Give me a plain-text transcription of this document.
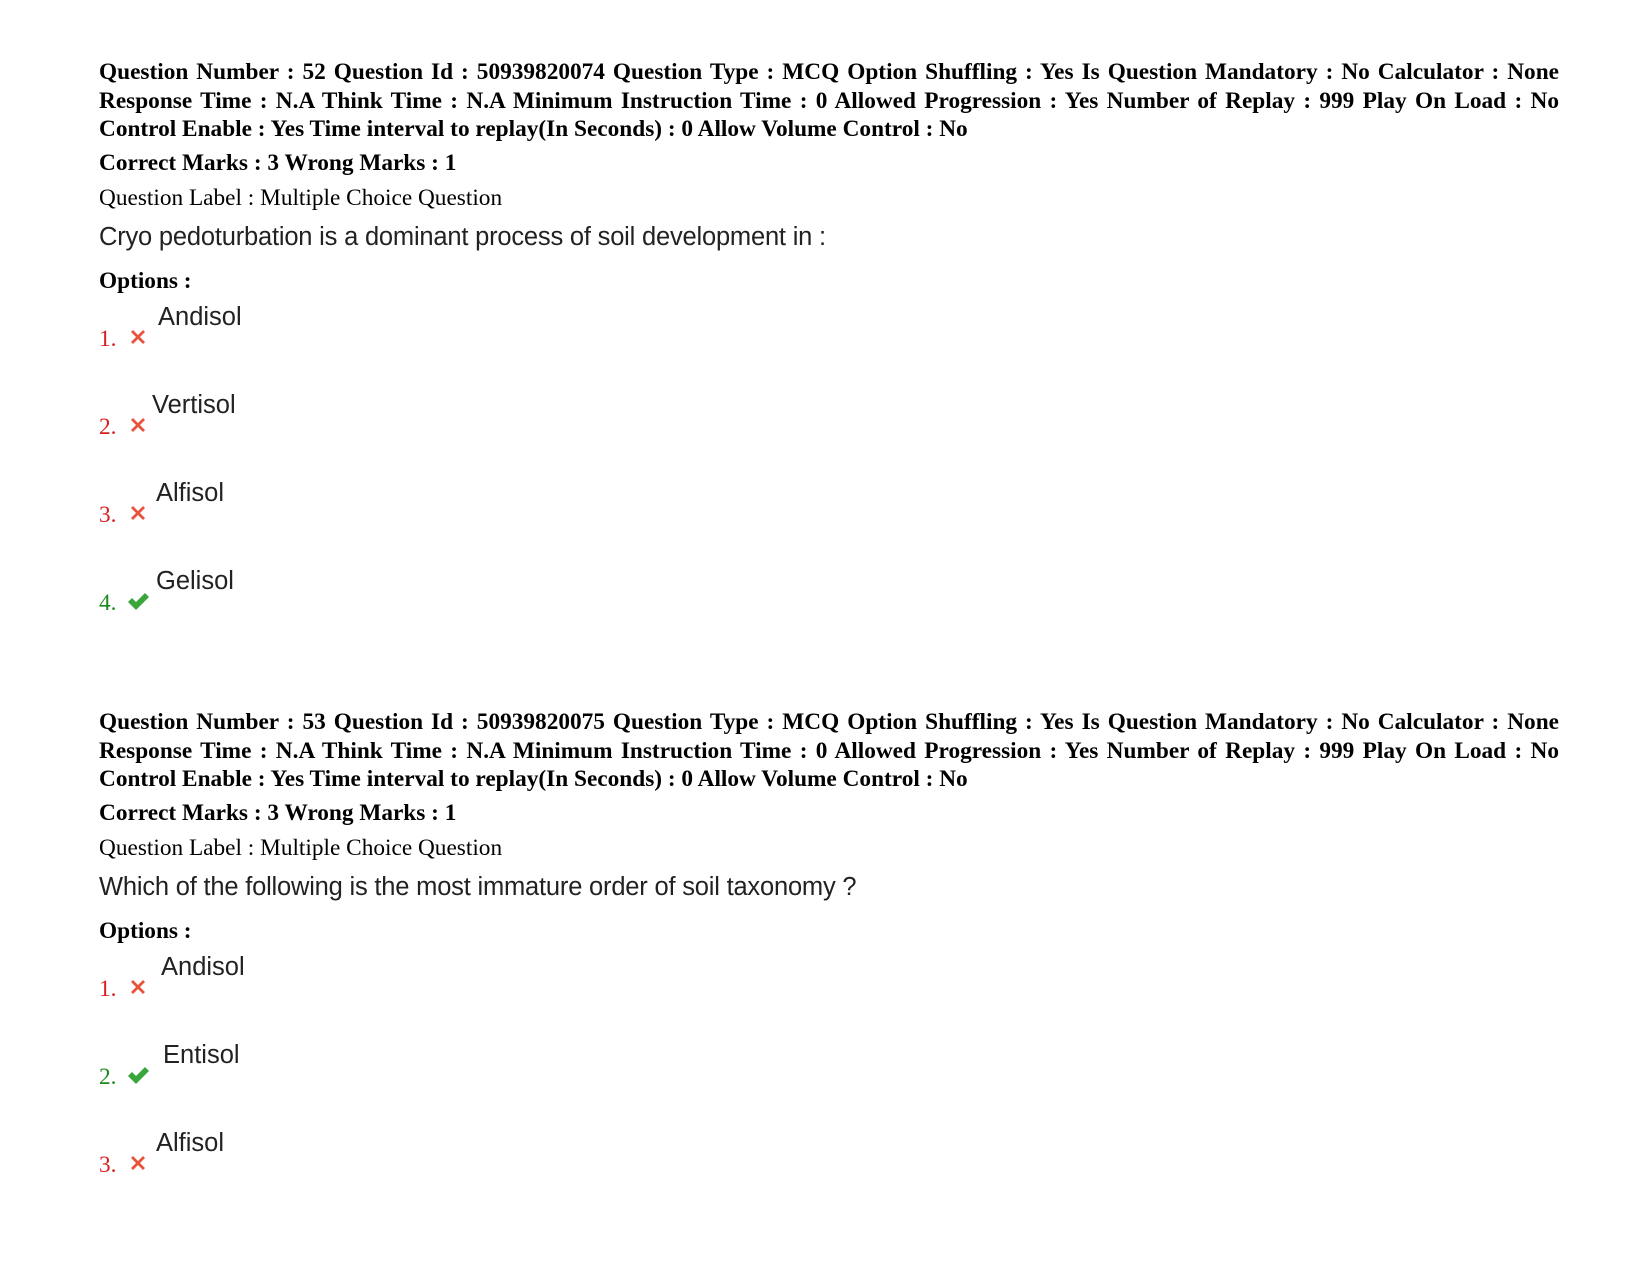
Question Number : 52 Question Id : 50939820074 Question Type : MCQ Option Shuffling : Yes Is Question Mandatory : No Calculator : None Response Time : N.A Think Time : N.A Minimum Instruction Time : 0 Allowed Progression : Yes Number of Replay : 999 Play On Load : No Control Enable : Yes Time interval to replay(In Seconds) : 0 Allow Volume Control : No

Correct Marks : 3 Wrong Marks : 1
Question Label : Multiple Choice Question
Cryo pedoturbation is a dominant process of soil development in :
Options :
1.
Andisol
2.
Vertisol
3.
Alfisol
4.
Gelisol

Question Number : 53 Question Id : 50939820075 Question Type : MCQ Option Shuffling : Yes Is Question Mandatory : No Calculator : None Response Time : N.A Think Time : N.A Minimum Instruction Time : 0 Allowed Progression : Yes Number of Replay : 999 Play On Load : No Control Enable : Yes Time interval to replay(In Seconds) : 0 Allow Volume Control : No

Correct Marks : 3 Wrong Marks : 1
Question Label : Multiple Choice Question
Which of the following is the most immature order of soil taxonomy ?
Options :
1.
Andisol
2.
Entisol
3.
Alfisol
